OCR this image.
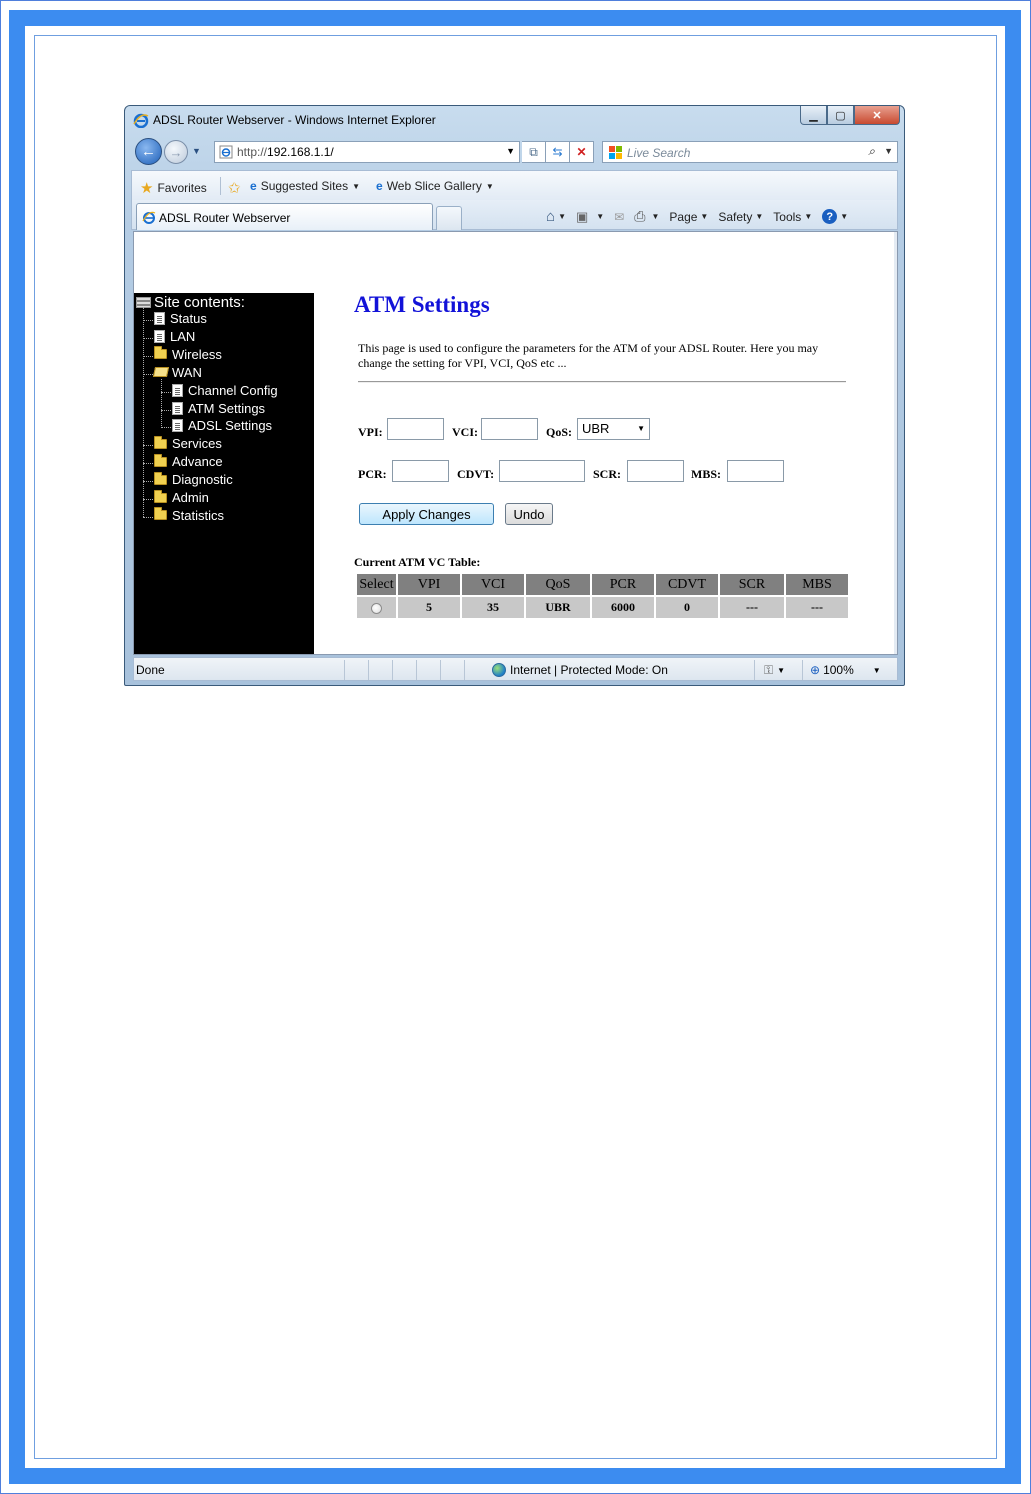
ADSL Router Webserver - Windows Internet Explorer	▁ ▢ ✕
← → ▼	http://192.168.1.1/	▼ ⧉ ⇆ ✕	Live Search	⌕ ▼
★ Favorites ✩ e Suggested Sites ▼ e Web Slice Gallery ▼
ADSL Router Webserver	⌂ ▼ ▣ ▼ ✉ ⎙ ▼ Page ▼ Safety ▼ Tools ▼	? ▼
Site contents:
Status
LAN
Wireless
WAN
Channel Config
ATM Settings
ADSL Settings
Services
Advance
Diagnostic
Admin
Statistics
ATM Settings
This page is used to configure the parameters for the ATM of your ADSL Router. Here you may change the setting for VPI, VCI, QoS etc ...
VPI:	VCI:	QoS: UBR	▼
PCR:	CDVT:	SCR:	MBS:
Apply Changes	Undo
Current ATM VC Table:
Select	VPI	VCI	QoS	PCR	CDVT	SCR	MBS
	5	35	UBR	6000	0	---	---
Done	Internet | Protected Mode: On	⚿ ▼ ⊕ 100% ▼
